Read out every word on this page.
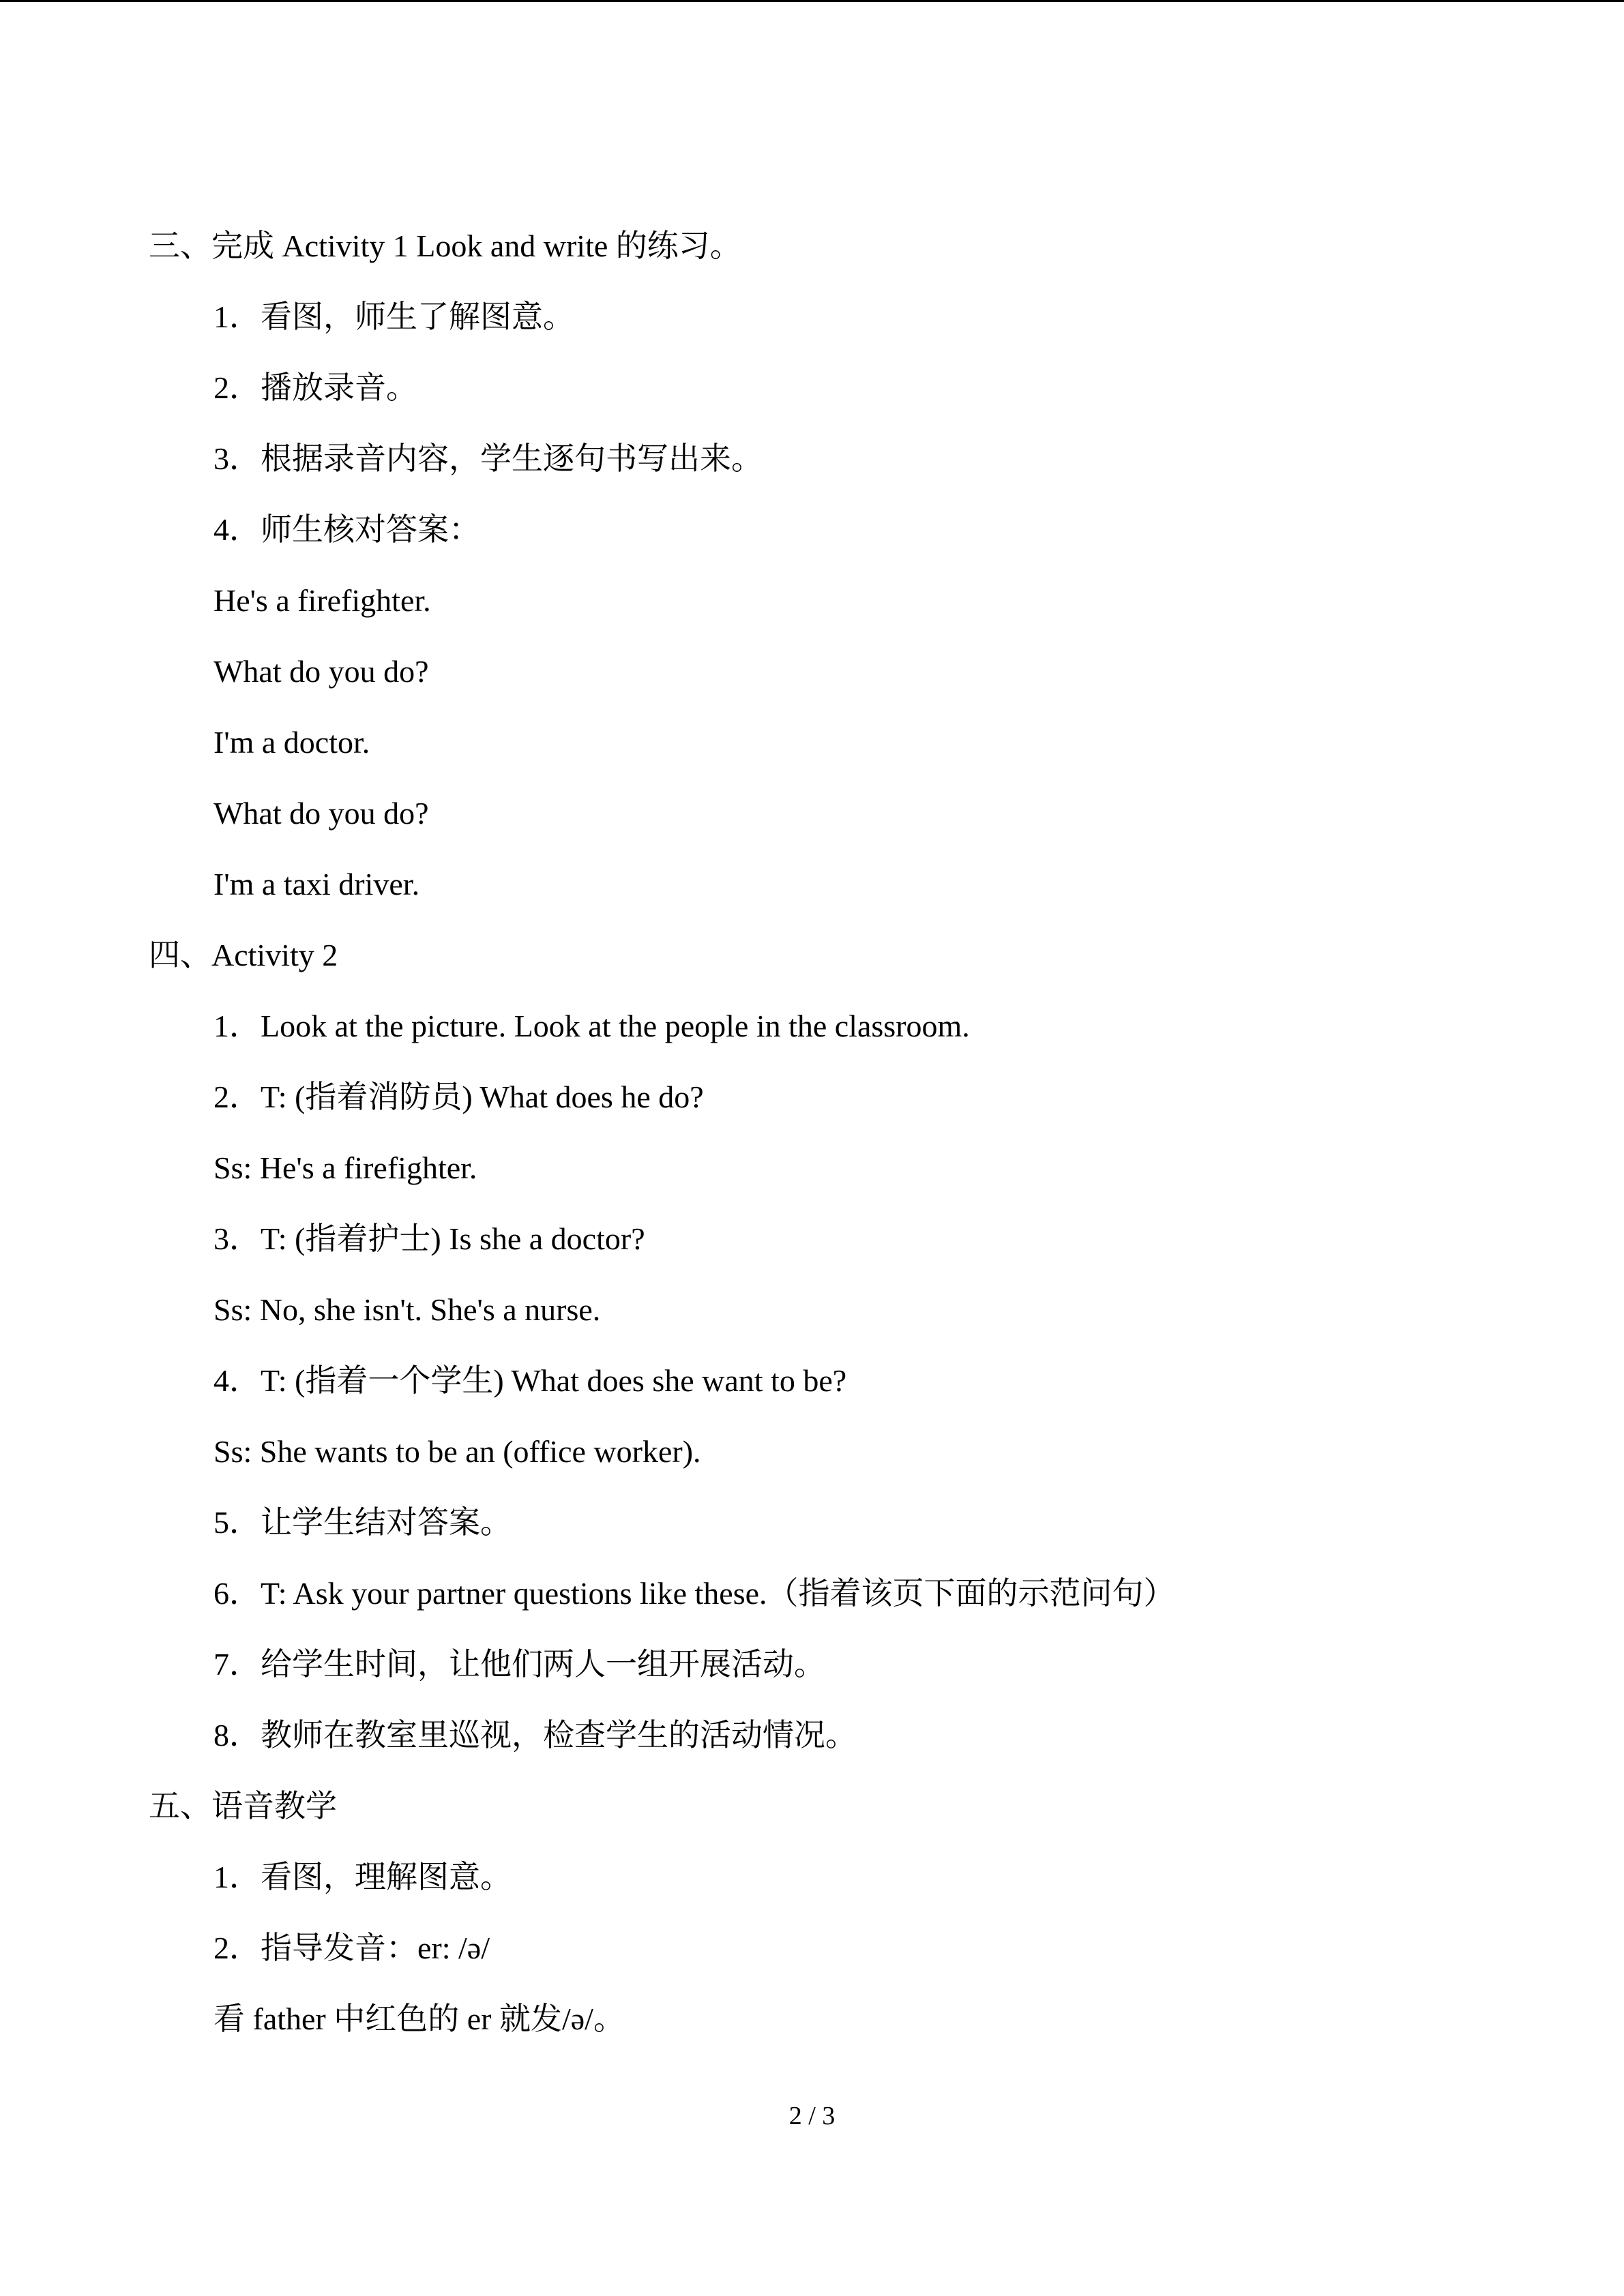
三、完成 Activity 1 Look and write 的练习。
1．看图，师生了解图意。
2．播放录音。
3．根据录音内容，学生逐句书写出来。
4．师生核对答案：
He's a firefighter.
What do you do?
I'm a doctor.
What do you do?
I'm a taxi driver.
四、Activity 2
1．Look at the picture. Look at the people in the classroom.
2．T: (指着消防员) What does he do?
Ss: He's a firefighter.
3．T: (指着护士) Is she a doctor?
Ss: No, she isn't. She's a nurse.
4．T: (指着一个学生) What does she want to be?
Ss: She wants to be an (office worker).
5．让学生结对答案。
6．T: Ask your partner questions like these.（指着该页下面的示范问句）
7．给学生时间，让他们两人一组开展活动。
8．教师在教室里巡视，检查学生的活动情况。
五、语音教学
1．看图，理解图意。
2．指导发音：er: /ə/
看 father 中红色的 er 就发/ə/。
2 / 3
